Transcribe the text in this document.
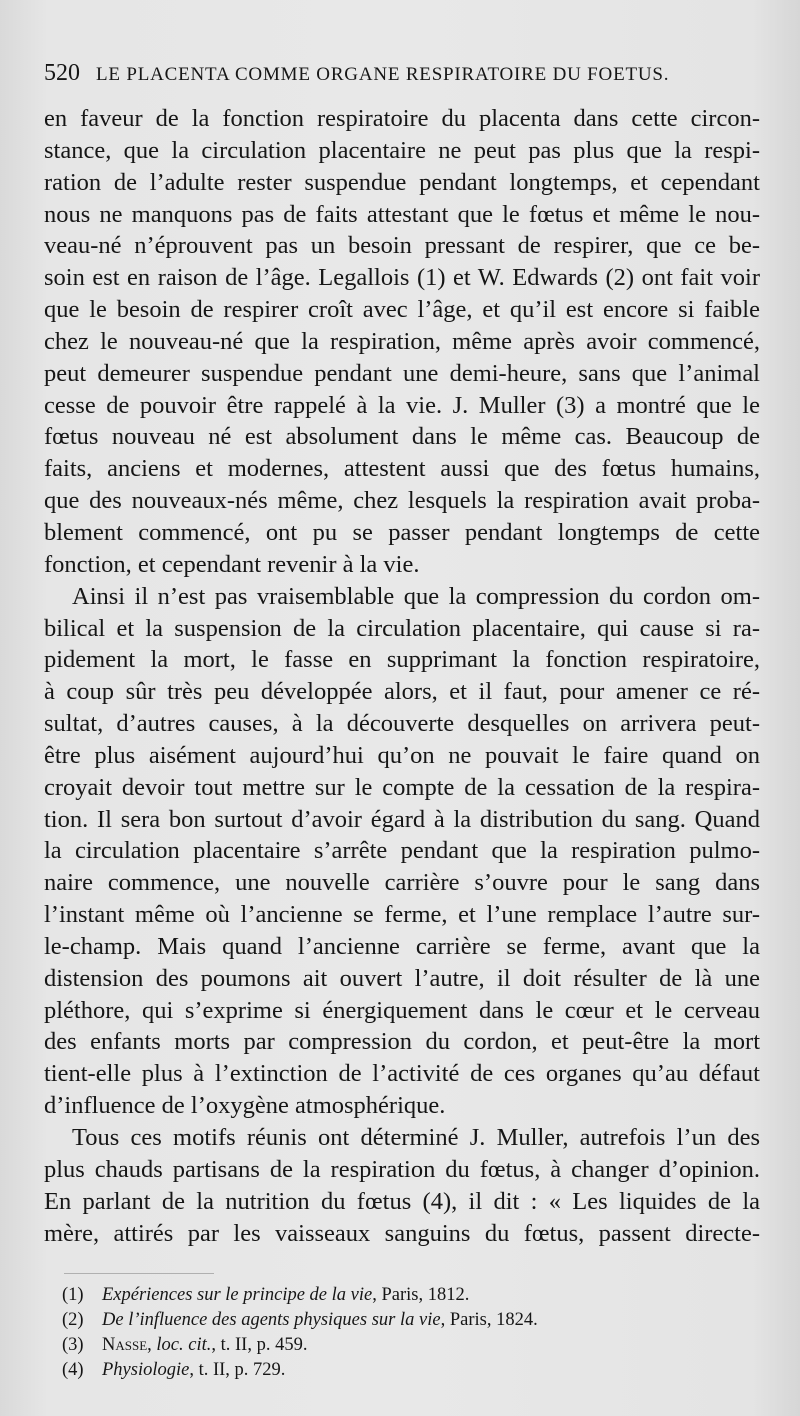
520 LE PLACENTA COMME ORGANE RESPIRATOIRE DU FOETUS.
en faveur de la fonction respiratoire du placenta dans cette circon-
stance, que la circulation placentaire ne peut pas plus que la respi-
ration de l’adulte rester suspendue pendant longtemps, et cependant
nous ne manquons pas de faits attestant que le fœtus et même le nou-
veau-né n’éprouvent pas un besoin pressant de respirer, que ce be-
soin est en raison de l’âge. Legallois (1) et W. Edwards (2) ont fait voir
que le besoin de respirer croît avec l’âge, et qu’il est encore si faible
chez le nouveau-né que la respiration, même après avoir commencé,
peut demeurer suspendue pendant une demi-heure, sans que l’animal
cesse de pouvoir être rappelé à la vie. J. Muller (3) a montré que le
fœtus nouveau né est absolument dans le même cas. Beaucoup de
faits, anciens et modernes, attestent aussi que des fœtus humains,
que des nouveaux-nés même, chez lesquels la respiration avait proba-
blement commencé, ont pu se passer pendant longtemps de cette
fonction, et cependant revenir à la vie.
Ainsi il n’est pas vraisemblable que la compression du cordon om-
bilical et la suspension de la circulation placentaire, qui cause si ra-
pidement la mort, le fasse en supprimant la fonction respiratoire,
à coup sûr très peu développée alors, et il faut, pour amener ce ré-
sultat, d’autres causes, à la découverte desquelles on arrivera peut-
être plus aisément aujourd’hui qu’on ne pouvait le faire quand on
croyait devoir tout mettre sur le compte de la cessation de la respira-
tion. Il sera bon surtout d’avoir égard à la distribution du sang. Quand
la circulation placentaire s’arrête pendant que la respiration pulmo-
naire commence, une nouvelle carrière s’ouvre pour le sang dans
l’instant même où l’ancienne se ferme, et l’une remplace l’autre sur-
le-champ. Mais quand l’ancienne carrière se ferme, avant que la
distension des poumons ait ouvert l’autre, il doit résulter de là une
pléthore, qui s’exprime si énergiquement dans le cœur et le cerveau
des enfants morts par compression du cordon, et peut-être la mort
tient-elle plus à l’extinction de l’activité de ces organes qu’au défaut
d’influence de l’oxygène atmosphérique.
Tous ces motifs réunis ont déterminé J. Muller, autrefois l’un des
plus chauds partisans de la respiration du fœtus, à changer d’opinion.
En parlant de la nutrition du fœtus (4), il dit : « Les liquides de la
mère, attirés par les vaisseaux sanguins du fœtus, passent directe-
(1) Expériences sur le principe de la vie, Paris, 1812.
(2) De l’influence des agents physiques sur la vie, Paris, 1824.
(3) Nasse, loc. cit., t. II, p. 459.
(4) Physiologie, t. II, p. 729.
